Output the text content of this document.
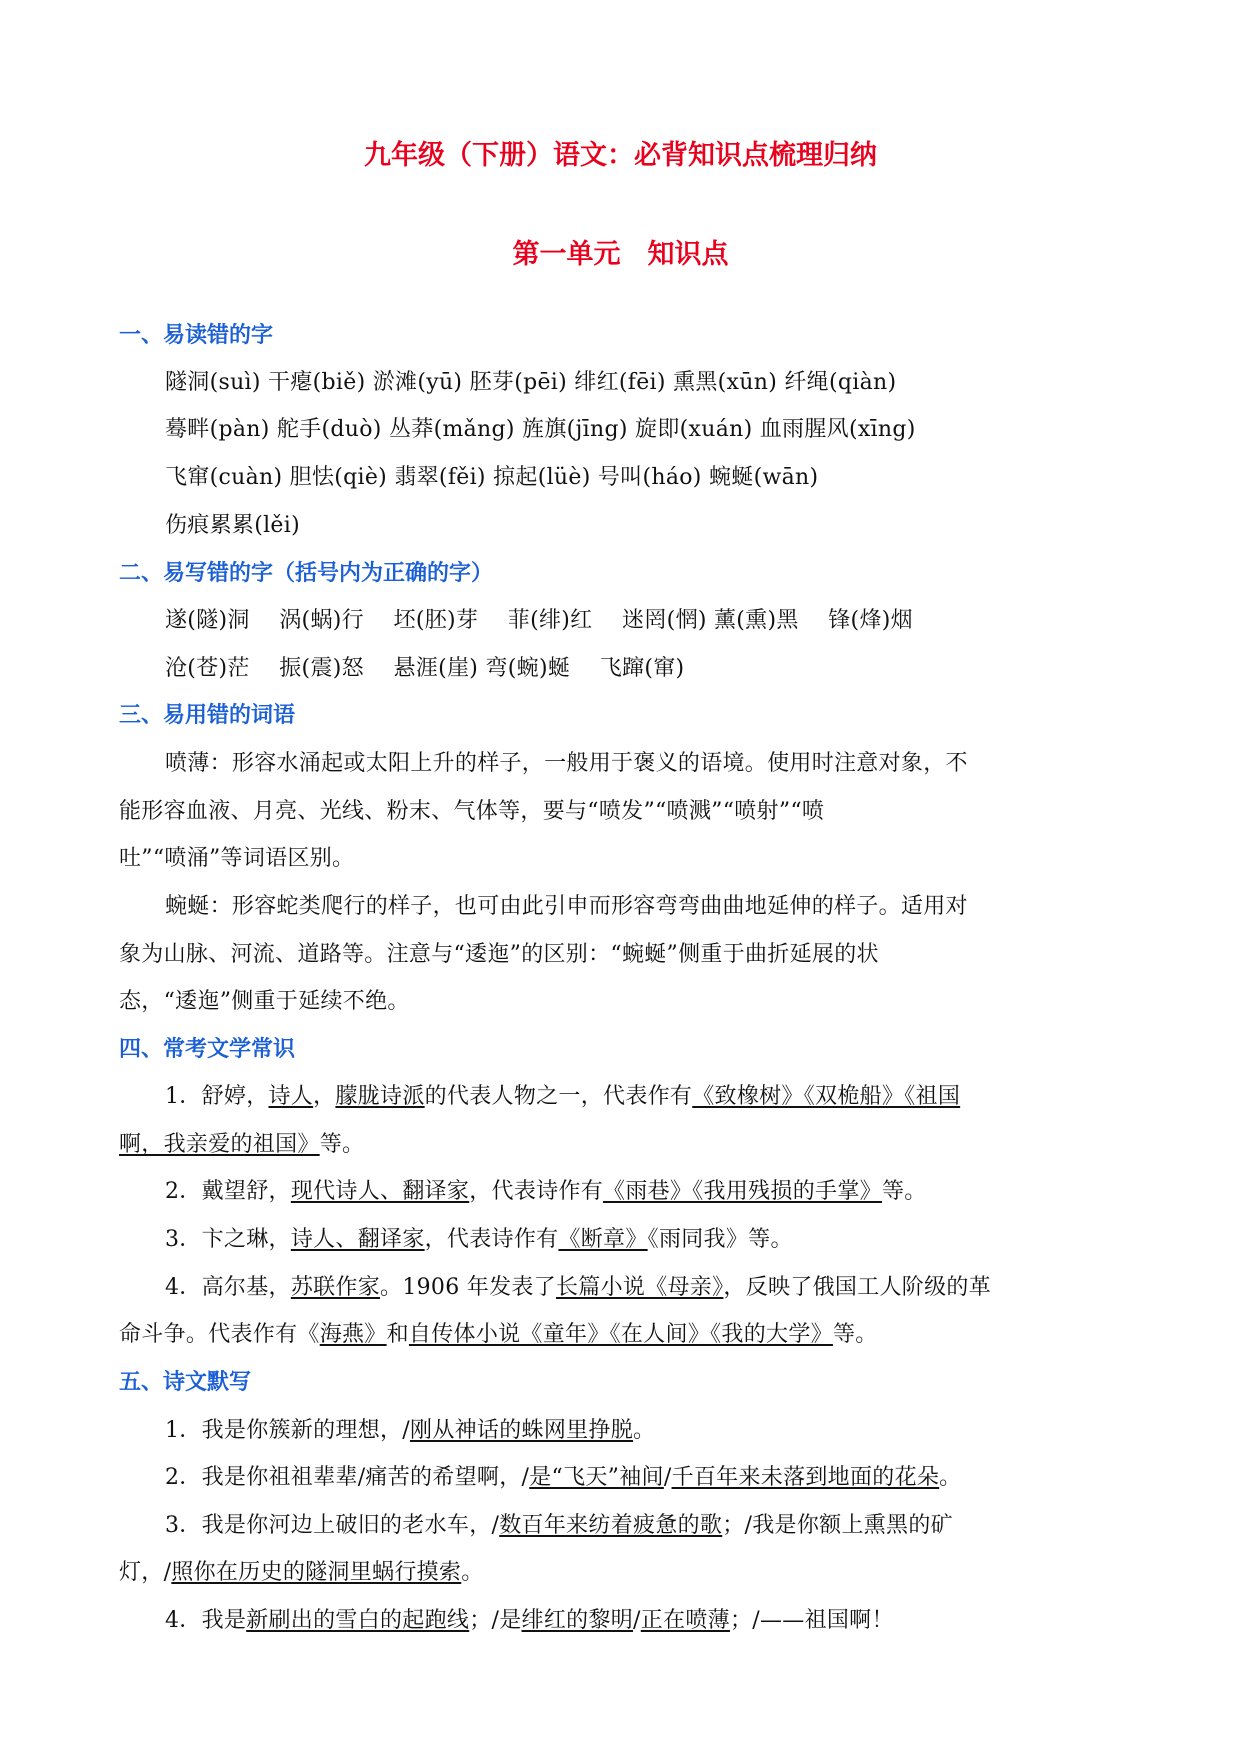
九年级（下册）语文：必背知识点梳理归纳
第一单元　知识点
一、易读错的字
隧洞(suì) 干瘪(biě) 淤滩(yū) 胚芽(pēi) 绯红(fēi) 熏黑(xūn) 纤绳(qiàn)
蓦畔(pàn) 舵手(duò) 丛莽(mǎng) 旌旗(jīng) 旋即(xuán) 血雨腥风(xīng)
飞窜(cuàn) 胆怯(qiè) 翡翠(fěi) 掠起(lüè) 号叫(háo) 蜿蜒(wān)
伤痕累累(lěi)
二、易写错的字（括号内为正确的字）
遂(隧)洞　 涡(蜗)行　 坯(胚)芽　 菲(绯)红　 迷罔(惘) 薰(熏)黑　 锋(烽)烟
沧(苍)茫　 振(震)怒　 悬涯(崖) 弯(蜿)蜒　 飞蹿(窜)
三、易用错的词语
喷薄：形容水涌起或太阳上升的样子，一般用于褒义的语境。使用时注意对象，不
能形容血液、月亮、光线、粉末、气体等，要与“喷发”“喷溅”“喷射”“喷
吐”“喷涌”等词语区别。
蜿蜒：形容蛇类爬行的样子，也可由此引申而形容弯弯曲曲地延伸的样子。适用对
象为山脉、河流、道路等。注意与“逶迤”的区别：“蜿蜒”侧重于曲折延展的状
态，“逶迤”侧重于延续不绝。
四、常考文学常识
1．舒婷，诗人，朦胧诗派的代表人物之一，代表作有《致橡树》《双桅船》《祖国
啊，我亲爱的祖国》等。
2．戴望舒，现代诗人、翻译家，代表诗作有《雨巷》《我用残损的手掌》等。
3．卞之琳，诗人、翻译家，代表诗作有《断章》《雨同我》等。
4．高尔基，苏联作家。1906 年发表了长篇小说《母亲》，反映了俄国工人阶级的革
命斗争。代表作有《海燕》和自传体小说《童年》《在人间》《我的大学》等。
五、诗文默写
1．我是你簇新的理想，/刚从神话的蛛网里挣脱。
2．我是你祖祖辈辈/痛苦的希望啊，/是“飞天”袖间/千百年来未落到地面的花朵。
3．我是你河边上破旧的老水车，/数百年来纺着疲惫的歌；/我是你额上熏黑的矿
灯，/照你在历史的隧洞里蜗行摸索。
4．我是新刷出的雪白的起跑线；/是绯红的黎明/正在喷薄；/——祖国啊！
